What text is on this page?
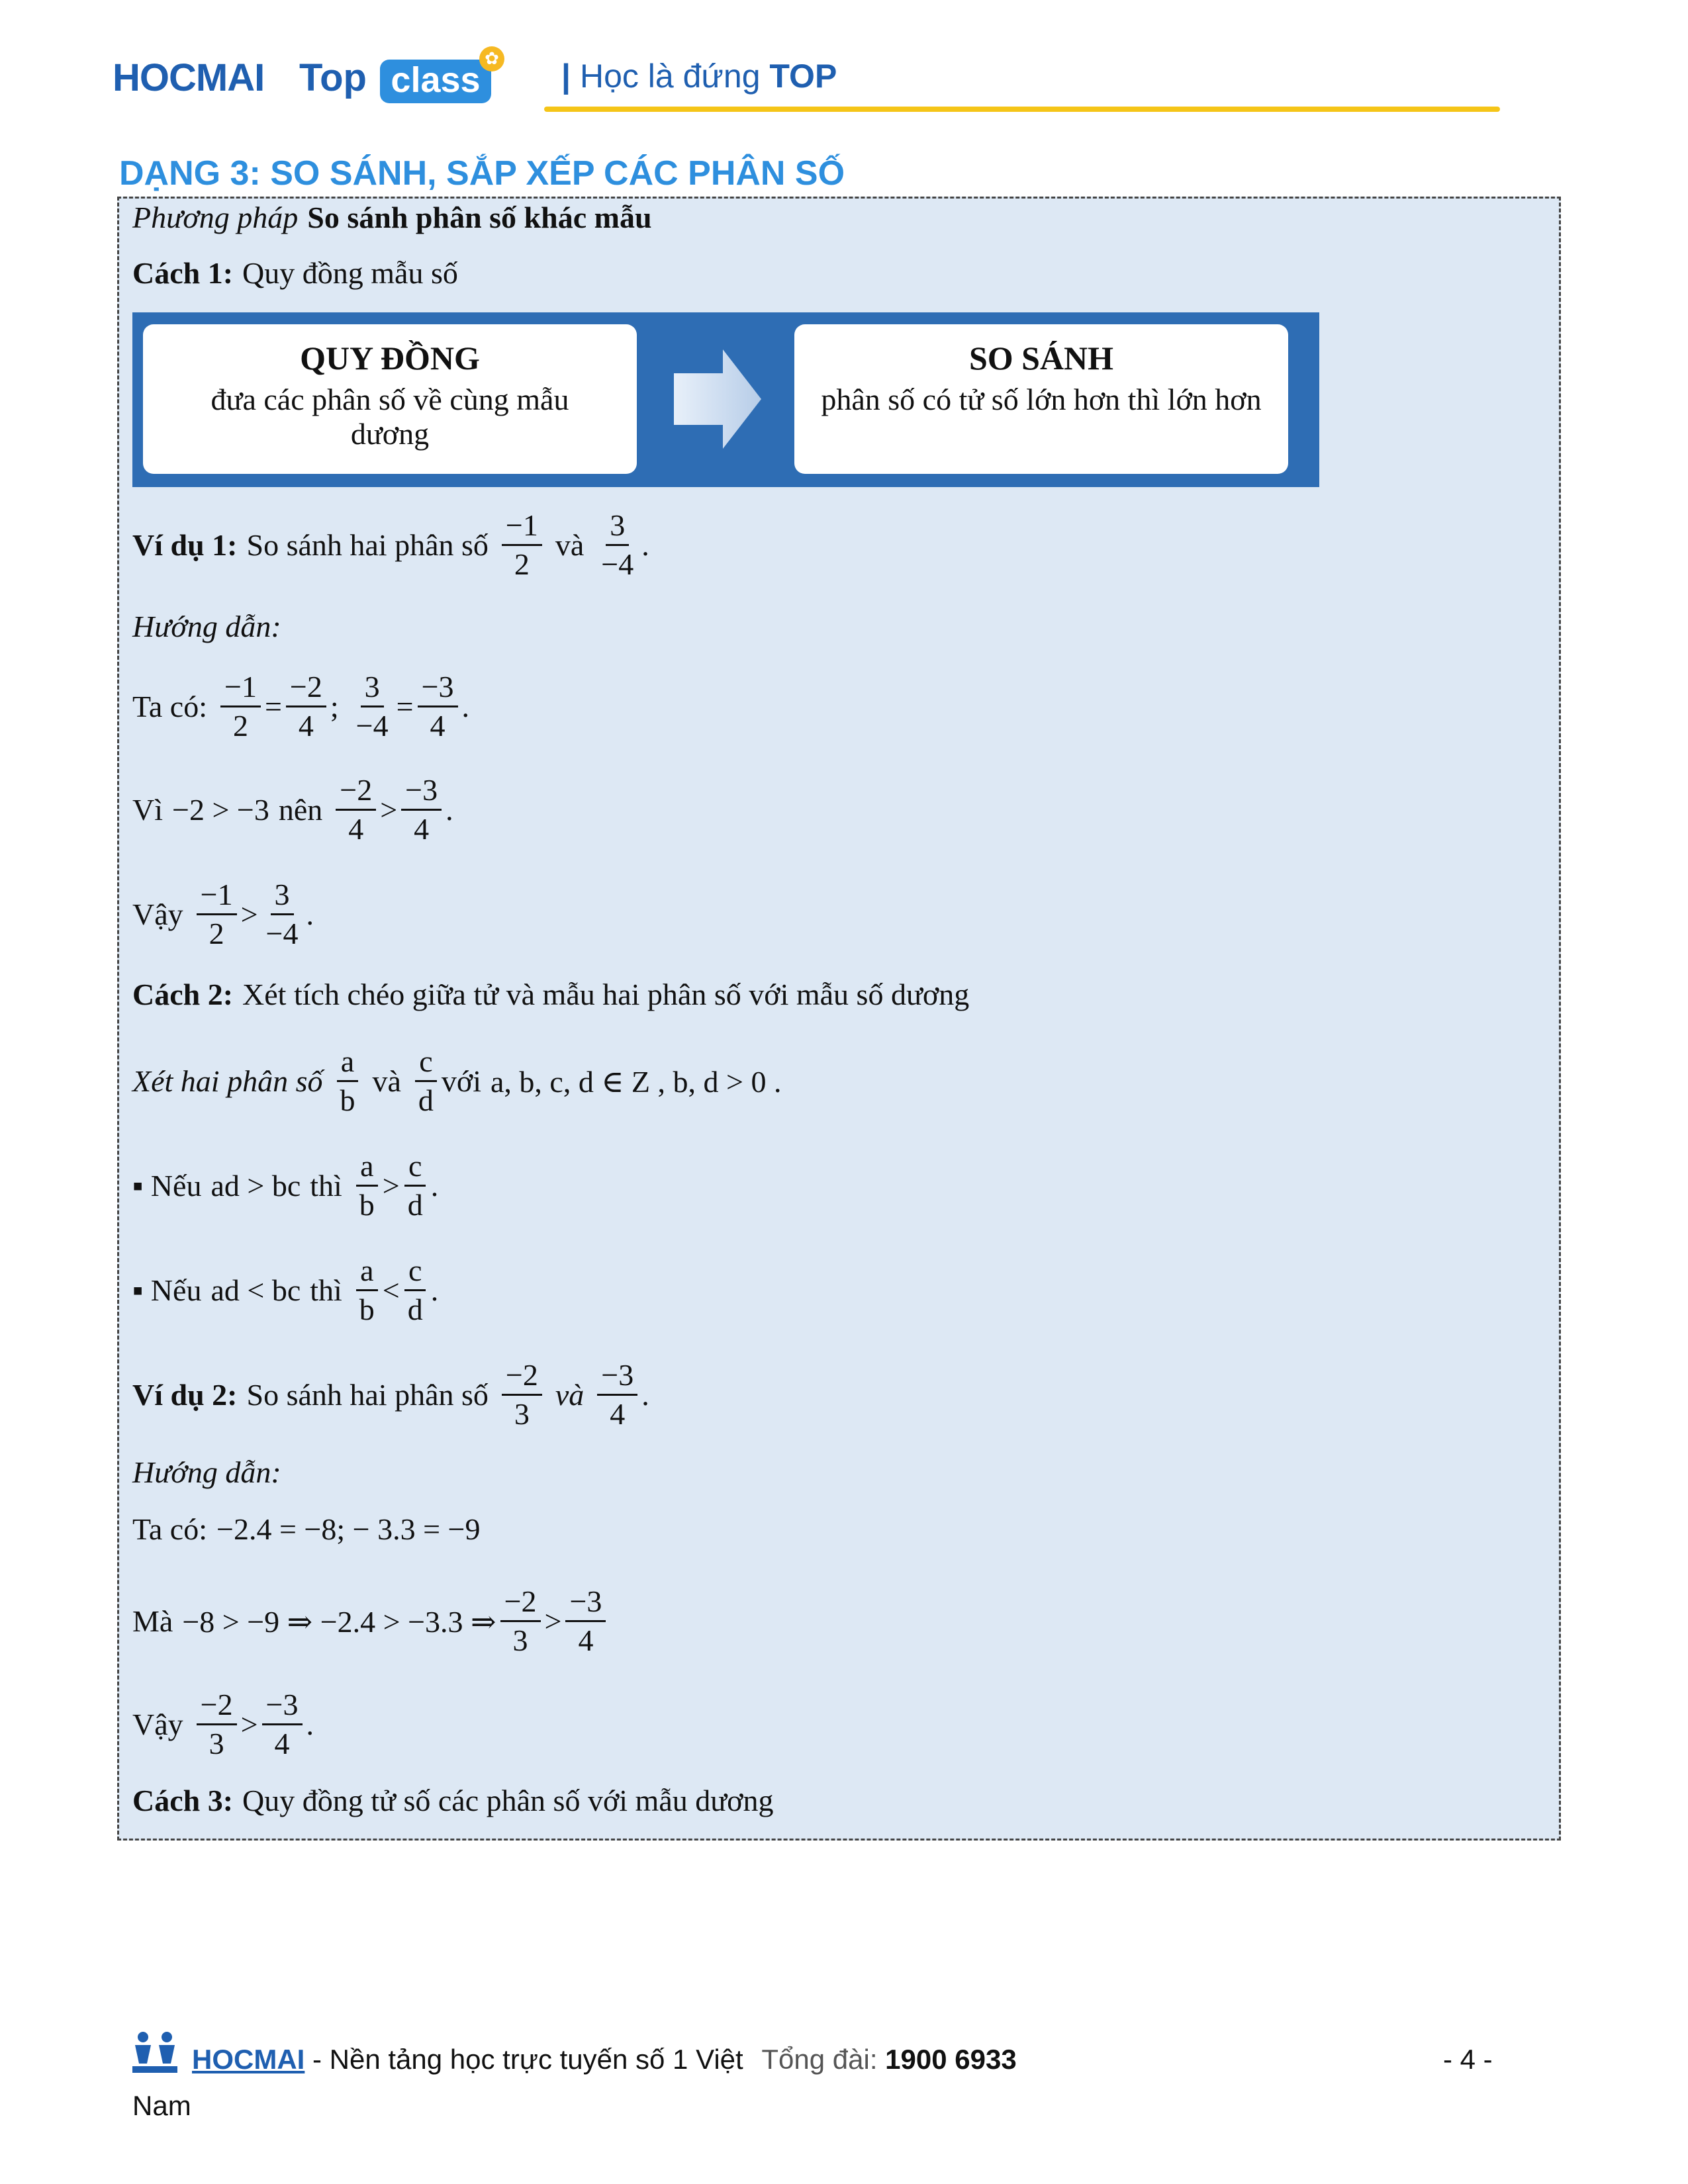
HOCMAI Top class
✿ | Học là đứng TOP
DẠNG 3: SO SÁNH, SẮP XẾP CÁC PHÂN SỐ
Phương pháp So sánh phân số khác mẫu
Cách 1: Quy đồng mẫu số
QUY ĐỒNG
đưa các phân số về cùng mẫu dương
SO SÁNH
phân số có tử số lớn hơn thì lớn hơn
Ví dụ 1: So sánh hai phân số $\frac{-1}{2}$ và $\frac{3}{-4}$ .
Hướng dẫn:
Ta có: $\frac{-1}{2} = \frac{-2}{4}$ ; $\frac{3}{-4} = \frac{-3}{4}$ .
Vì −2 > −3 nên $\frac{-2}{4} > \frac{-3}{4}$ .
Vậy $\frac{-1}{2} > \frac{3}{-4}$ .
Cách 2: Xét tích chéo giữa tử và mẫu hai phân số với mẫu số dương
Xét hai phân số $\frac{a}{b}$ và $\frac{c}{d}$ với a, b, c, d ∈ Z , b, d > 0 .
▪ Nếu ad > bc thì $\frac{a}{b} > \frac{c}{d}$ .
▪ Nếu ad < bc thì $\frac{a}{b} < \frac{c}{d}$ .
Ví dụ 2: So sánh hai phân số $\frac{-2}{3}$ và $\frac{-3}{4}$ .
Hướng dẫn:
Ta có: −2.4 = −8; − 3.3 = −9
Mà −8 > −9 ⇒ −2.4 > −3.3 ⇒ $\frac{-2}{3} > \frac{-3}{4}$
Vậy $\frac{-2}{3} > \frac{-3}{4}$ .
Cách 3: Quy đồng tử số các phân số với mẫu dương
HOCMAI - Nền tảng học trực tuyến số 1 Việt Tổng đài: 1900 6933
Nam
- 4 -
